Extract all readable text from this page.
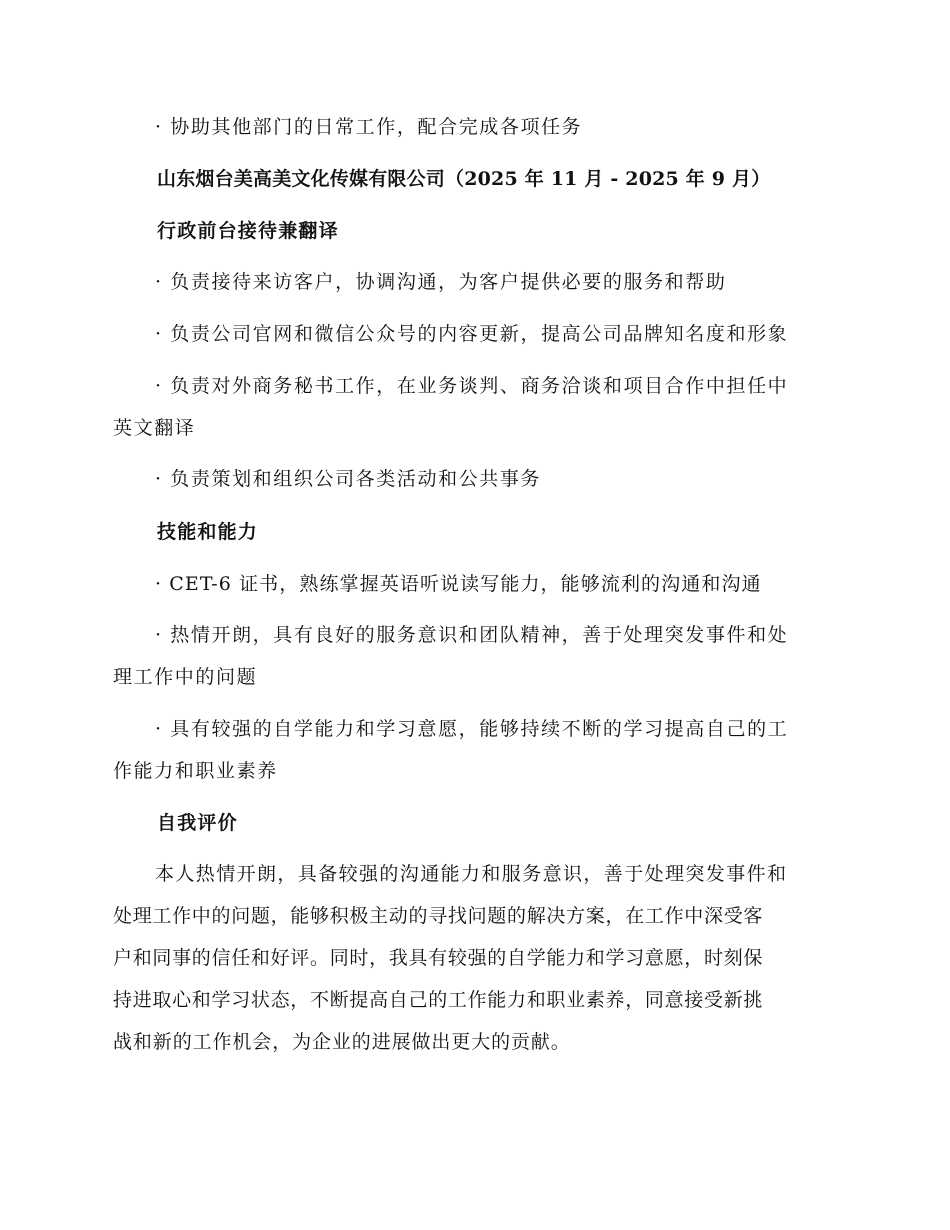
· 协助其他部门的日常工作，配合完成各项任务
山东烟台美高美文化传媒有限公司（2025 年 11 月 - 2025 年 9 月）
行政前台接待兼翻译
· 负责接待来访客户，协调沟通，为客户提供必要的服务和帮助
· 负责公司官网和微信公众号的内容更新，提高公司品牌知名度和形象
· 负责对外商务秘书工作，在业务谈判、商务洽谈和项目合作中担任中
英文翻译
· 负责策划和组织公司各类活动和公共事务
技能和能力
· CET-6 证书，熟练掌握英语听说读写能力，能够流利的沟通和沟通
· 热情开朗，具有良好的服务意识和团队精神，善于处理突发事件和处
理工作中的问题
· 具有较强的自学能力和学习意愿，能够持续不断的学习提高自己的工
作能力和职业素养
自我评价
本人热情开朗，具备较强的沟通能力和服务意识，善于处理突发事件和
处理工作中的问题，能够积极主动的寻找问题的解决方案，在工作中深受客
户和同事的信任和好评。同时，我具有较强的自学能力和学习意愿，时刻保
持进取心和学习状态，不断提高自己的工作能力和职业素养，同意接受新挑
战和新的工作机会，为企业的进展做出更大的贡献。
